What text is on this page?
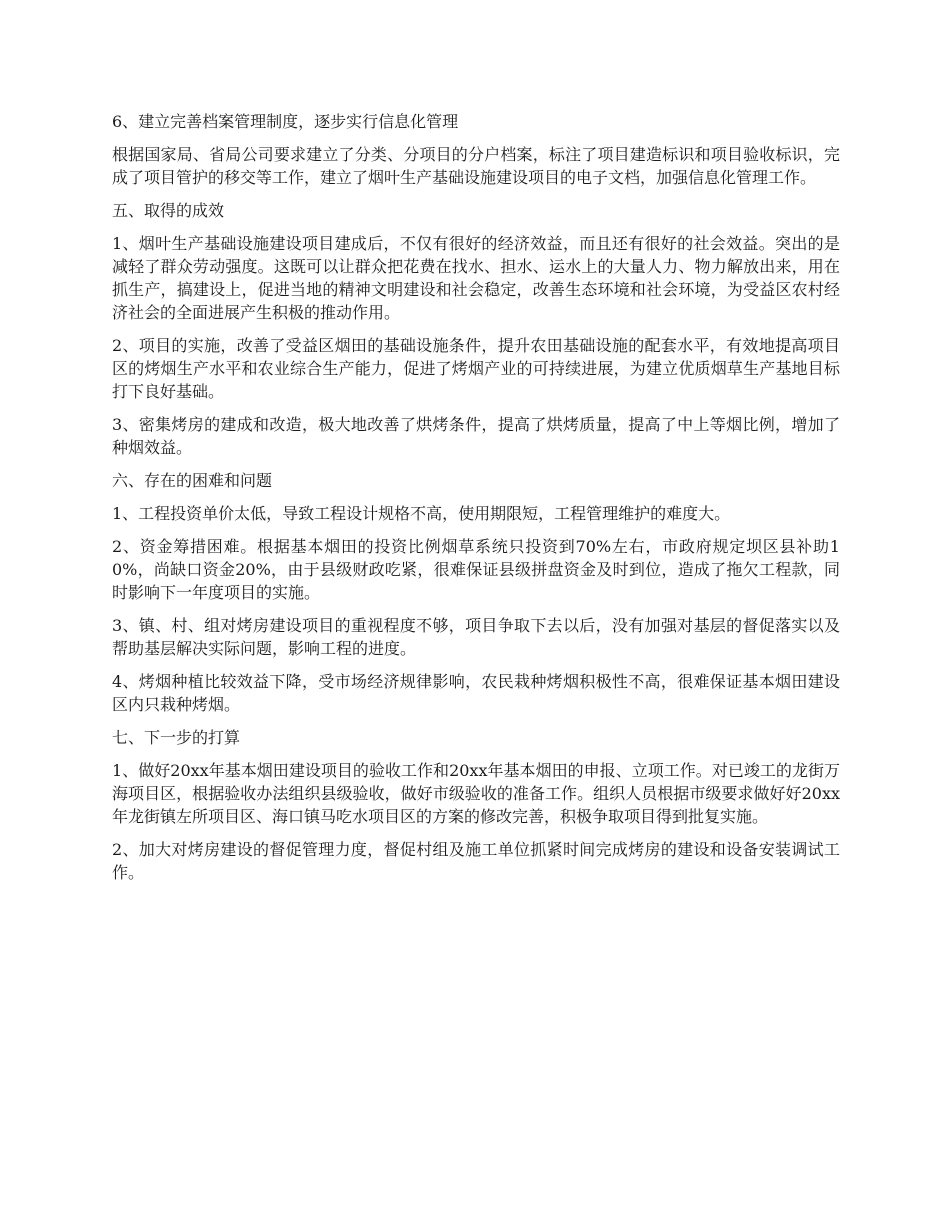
6、建立完善档案管理制度，逐步实行信息化管理

根据国家局、省局公司要求建立了分类、分项目的分户档案，标注了项目建造标识和项目验收标识，完成了项目管护的移交等工作，建立了烟叶生产基础设施建设项目的电子文档，加强信息化管理工作。

五、取得的成效

1、烟叶生产基础设施建设项目建成后，不仅有很好的经济效益，而且还有很好的社会效益。突出的是减轻了群众劳动强度。这既可以让群众把花费在找水、担水、运水上的大量人力、物力解放出来，用在抓生产，搞建设上，促进当地的精神文明建设和社会稳定，改善生态环境和社会环境，为受益区农村经济社会的全面进展产生积极的推动作用。

2、项目的实施，改善了受益区烟田的基础设施条件，提升农田基础设施的配套水平，有效地提高项目区的烤烟生产水平和农业综合生产能力，促进了烤烟产业的可持续进展，为建立优质烟草生产基地目标打下良好基础。

3、密集烤房的建成和改造，极大地改善了烘烤条件，提高了烘烤质量，提高了中上等烟比例，增加了种烟效益。

六、存在的困难和问题

1、工程投资单价太低，导致工程设计规格不高，使用期限短，工程管理维护的难度大。

2、资金筹措困难。根据基本烟田的投资比例烟草系统只投资到70%左右，市政府规定坝区县补助10%，尚缺口资金20%，由于县级财政吃紧，很难保证县级拼盘资金及时到位，造成了拖欠工程款，同时影响下一年度项目的实施。

3、镇、村、组对烤房建设项目的重视程度不够，项目争取下去以后，没有加强对基层的督促落实以及帮助基层解决实际问题，影响工程的进度。

4、烤烟种植比较效益下降，受市场经济规律影响，农民栽种烤烟积极性不高，很难保证基本烟田建设区内只栽种烤烟。

七、下一步的打算

1、做好20xx年基本烟田建设项目的验收工作和20xx年基本烟田的申报、立项工作。对已竣工的龙街万海项目区，根据验收办法组织县级验收，做好市级验收的准备工作。组织人员根据市级要求做好好20xx年龙街镇左所项目区、海口镇马吃水项目区的方案的修改完善，积极争取项目得到批复实施。

2、加大对烤房建设的督促管理力度，督促村组及施工单位抓紧时间完成烤房的建设和设备安装调试工作。
